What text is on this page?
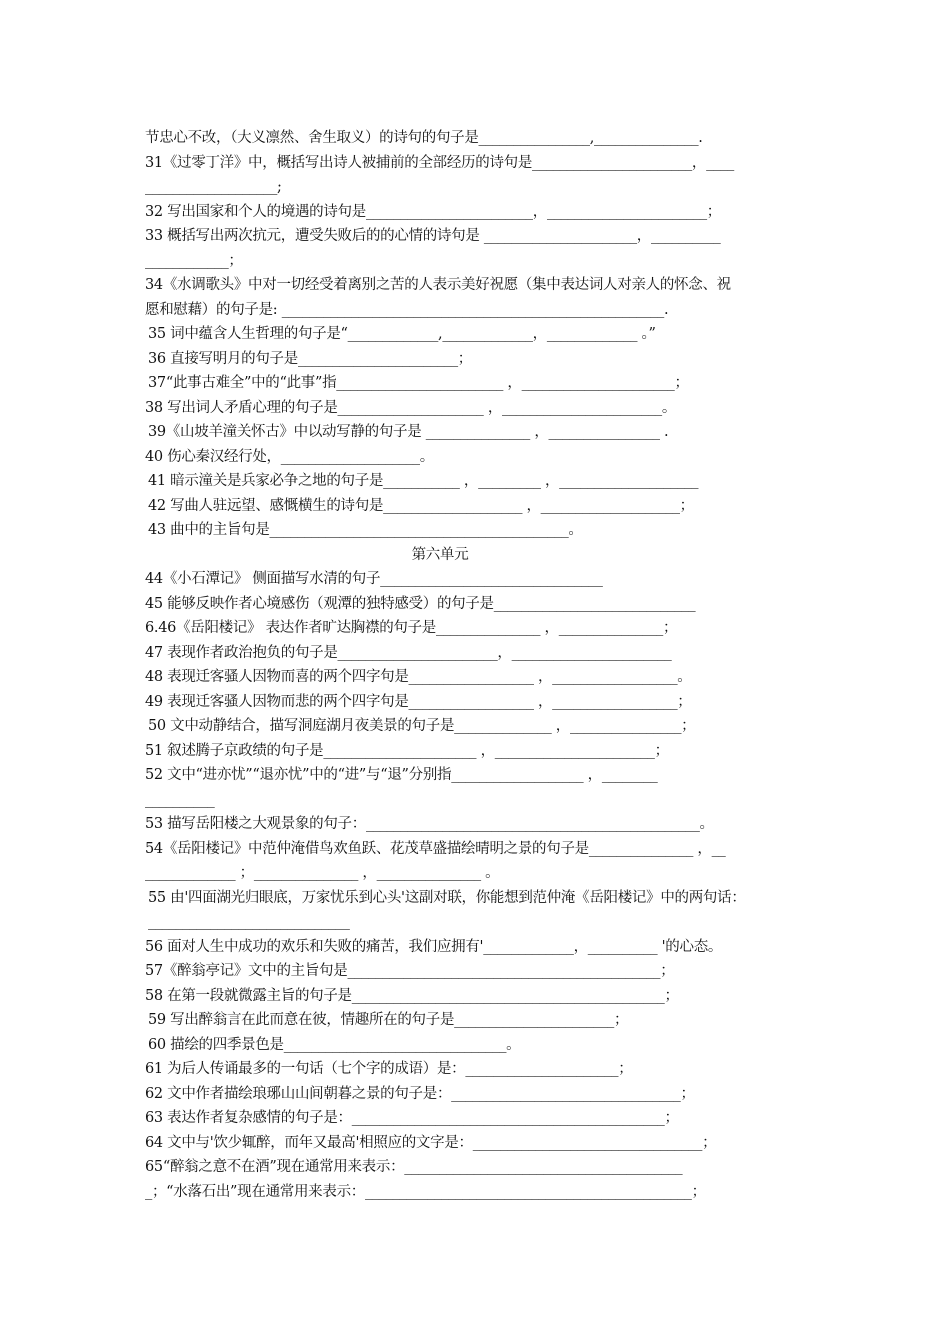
节忠心不改，（大义凛然、舍生取义）的诗句的句子是________________,_______________.
31《过零丁洋》中，概括写出诗人被捕前的全部经历的诗句是_______________________，____
___________________;
32 写出国家和个人的境遇的诗句是________________________，_______________________；
33 概括写出两次抗元，遭受失败后的的心情的诗句是 ______________________，__________
____________；
34《水调歌头》中对一切经受着离别之苦的人表示美好祝愿（集中表达词人对亲人的怀念、祝
愿和慰藉）的句子是: _______________________________________________________.
35 词中蕴含人生哲理的句子是“_____________,_____________，_____________ 。”
36 直接写明月的句子是_______________________；
37“此事古难全”中的“此事”指________________________ ，______________________；
38 写出词人矛盾心理的句子是_____________________ ，_______________________。
39《山坡羊潼关怀古》中以动写静的句子是 _______________ ，________________ .
40 伤心秦汉经行处，____________________。
41 暗示潼关是兵家必争之地的句子是___________ ，_________ ，____________________
42 写曲人驻远望、感慨横生的诗句是____________________ ，____________________；
43 曲中的主旨句是___________________________________________。
第六单元
44《小石潭记》 侧面描写水清的句子________________________________
45 能够反映作者心境感伤（观潭的独特感受）的句子是_____________________________
6.46《岳阳楼记》 表达作者旷达胸襟的句子是_______________ ，_______________；
47 表现作者政治抱负的句子是_______________________，_______________________
48 表现迁客骚人因物而喜的两个四字句是__________________ ，__________________。
49 表现迁客骚人因物而悲的两个四字句是__________________ ，__________________；
50 文中动静结合，描写洞庭湖月夜美景的句子是______________ ，________________；
51 叙述腾子京政绩的句子是______________________ ，_______________________；
52 文中“进亦忧”“退亦忧”中的“进”与“退”分别指___________________ ，________
__________
53 描写岳阳楼之大观景象的句子：________________________________________________。
54《岳阳楼记》中范仲淹借鸟欢鱼跃、花茂草盛描绘晴明之景的句子是_______________ ，__
_____________ ；_______________ ，_______________ 。
55 由'四面湖光归眼底，万家忧乐到心头'这副对联，你能想到范仲淹《岳阳楼记》中的两句话：
_____________________________
56 面对人生中成功的欢乐和失败的痛苦，我们应拥有'_____________，__________ '的心态。
57《醉翁亭记》文中的主旨句是_____________________________________________；
58 在第一段就微露主旨的句子是_____________________________________________；
59 写出醉翁言在此而意在彼，情趣所在的句子是_______________________；
60 描绘的四季景色是________________________________。
61 为后人传诵最多的一句话（七个字的成语）是：______________________；
62 文中作者描绘琅琊山山间朝暮之景的句子是：_________________________________；
63 表达作者复杂感情的句子是：_____________________________________________；
64 文中与'饮少辄醉，而年又最高'相照应的文字是：_________________________________；
65“醉翁之意不在酒”现在通常用来表示：________________________________________
_；“水落石出”现在通常用来表示：_______________________________________________；
